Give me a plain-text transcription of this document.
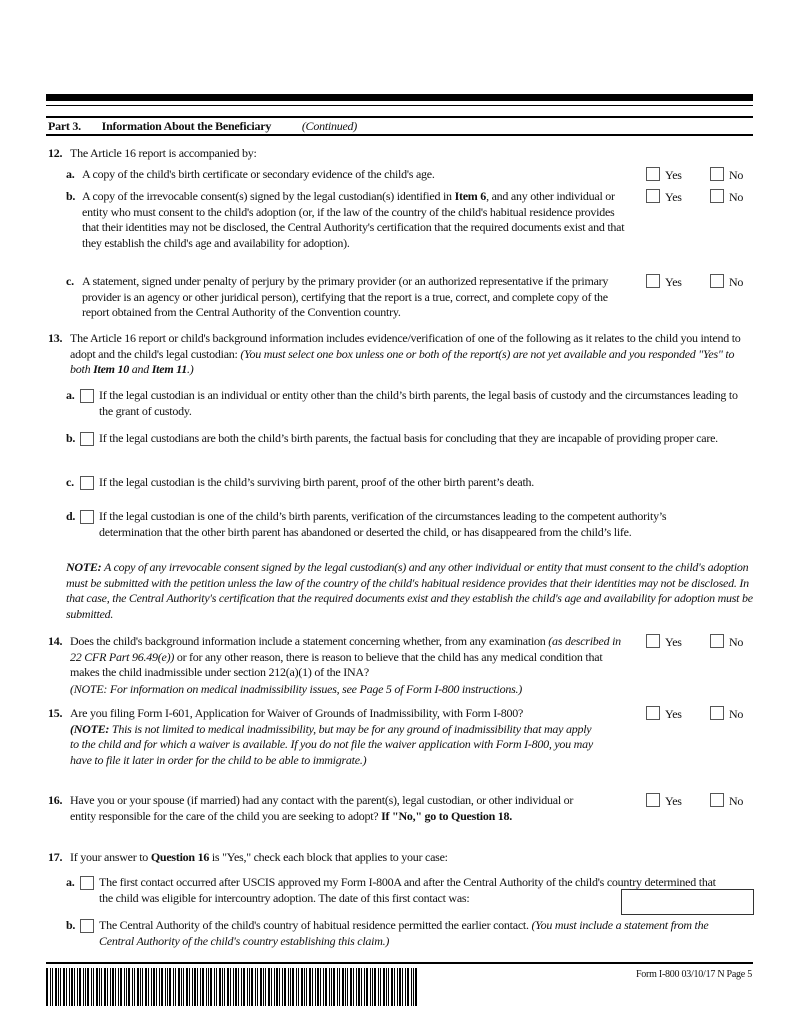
Part 3. Information About the Beneficiary	(Continued)
12. The Article 16 report is accompanied by:
a. A copy of the child's birth certificate or secondary evidence of the child's age.	Yes	No
b. A copy of the irrevocable consent(s) signed by the legal custodian(s) identified in Item 6, and any other individual or entity who must consent to the child's adoption (or, if the law of the country of the child's habitual residence provides that their identities may not be disclosed, the Central Authority's certification that the required documents exist and that they establish the child's age and availability for adoption).
Yes	No
c. A statement, signed under penalty of perjury by the primary provider (or an authorized representative if the primary provider is an agency or other juridical person), certifying that the report is a true, correct, and complete copy of the report obtained from the Central Authority of the Convention country.
Yes	No
13. The Article 16 report or child's background information includes evidence/verification of one of the following as it relates to the child you intend to adopt and the child's legal custodian: (You must select one box unless one or both of the report(s) are not yet available and you responded "Yes" to both Item 10 and Item 11.)
a. If the legal custodian is an individual or entity other than the child’s birth parents, the legal basis of custody and the circumstances leading to the grant of custody.
b. If the legal custodians are both the child’s birth parents, the factual basis for concluding that they are incapable of providing proper care.
c. If the legal custodian is the child’s surviving birth parent, proof of the other birth parent’s death.
d. If the legal custodian is one of the child’s birth parents, verification of the circumstances leading to the competent authority’s determination that the other birth parent has abandoned or deserted the child, or has disappeared from the child’s life.
NOTE: A copy of any irrevocable consent signed by the legal custodian(s) and any other individual or entity that must consent to the child's adoption must be submitted with the petition unless the law of the country of the child's habitual residence provides that their identities may not be disclosed. In that case, the Central Authority's certification that the required documents exist and they establish the child's age and availability for adoption must be submitted.
14. Does the child's background information include a statement concerning whether, from any examination (as described in 22 CFR Part 96.49(e)) or for any other reason, there is reason to believe that the child has any medical condition that makes the child inadmissible under section 212(a)(1) of the INA?
(NOTE: For information on medical inadmissibility issues, see Page 5 of Form I-800 instructions.)
Yes	No
15. Are you filing Form I-601, Application for Waiver of Grounds of Inadmissibility, with Form I-800?
(NOTE: This is not limited to medical inadmissibility, but may be for any ground of inadmissibility that may apply to the child and for which a waiver is available. If you do not file the waiver application with Form I-800, you may have to file it later in order for the child to be able to immigrate.)
Yes	No
16. Have you or your spouse (if married) had any contact with the parent(s), legal custodian, or other individual or entity responsible for the care of the child you are seeking to adopt? If "No," go to Question 18.
Yes	No
17. If your answer to Question 16 is "Yes," check each block that applies to your case:
a. The first contact occurred after USCIS approved my Form I-800A and after the Central Authority of the child's country determined that the child was eligible for intercountry adoption. The date of this first contact was:
b. The Central Authority of the child's country of habitual residence permitted the earlier contact. (You must include a statement from the Central Authority of the child's country establishing this claim.)
Form I-800 03/10/17 N Page 5
